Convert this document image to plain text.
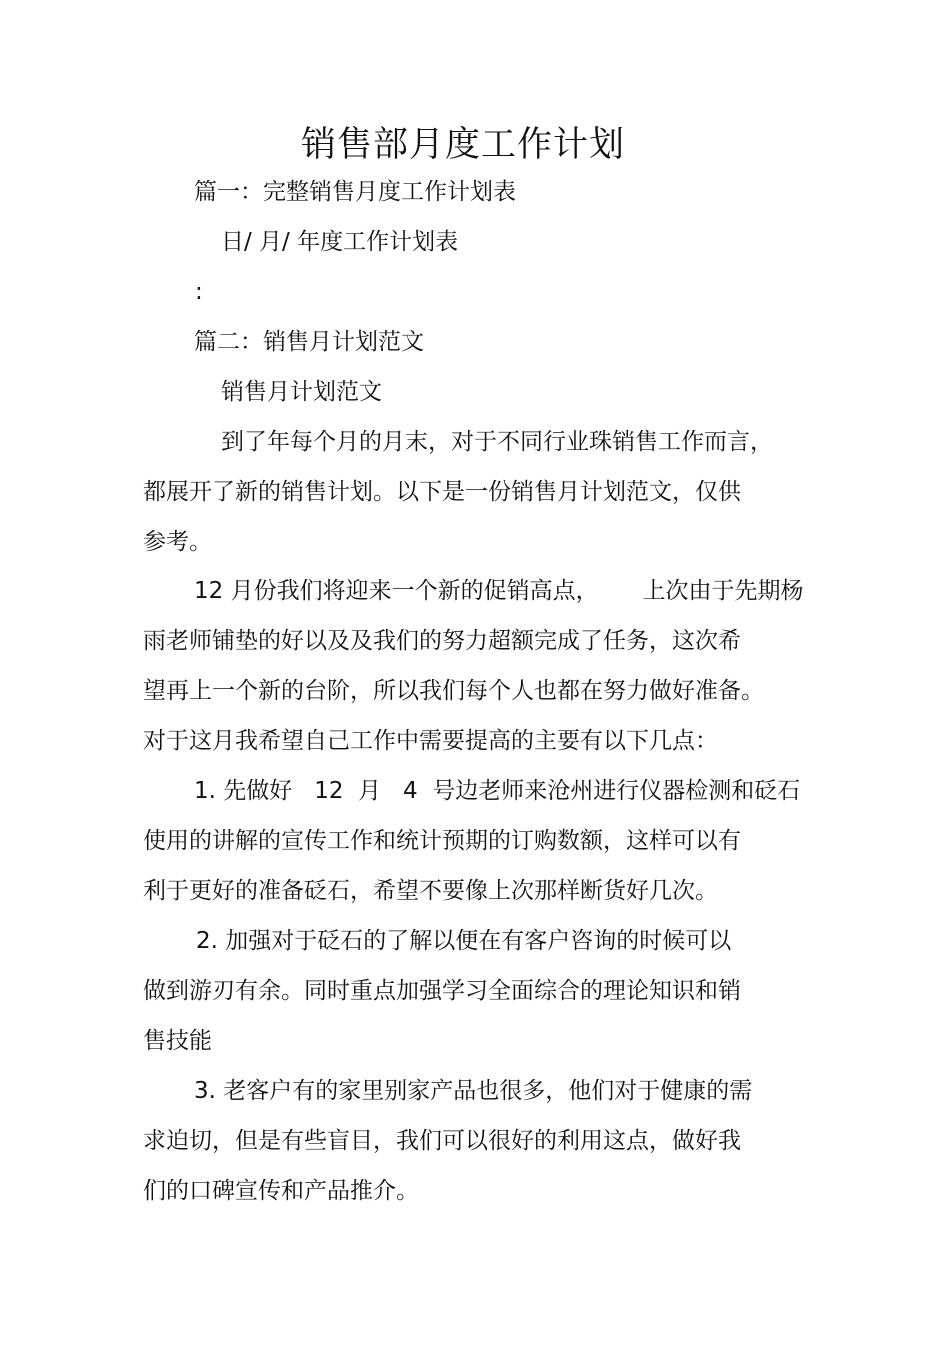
销售部月度工作计划
篇一：完整销售月度工作计划表
日/ 月/ 年度工作计划表
:
篇二：销售月计划范文
销售月计划范文
到了年每个月的月末，对于不同行业珠销售工作而言，
都展开了新的销售计划。以下是一份销售月计划范文，仅供
参考。
12 月份我们将迎来一个新的促销高点，      上次由于先期杨
雨老师铺垫的好以及及我们的努力超额完成了任务，这次希
望再上一个新的台阶，所以我们每个人也都在努力做好准备。
对于这月我希望自己工作中需要提高的主要有以下几点：
1. 先做好   12  月   4  号边老师来沧州进行仪器检测和砭石
使用的讲解的宣传工作和统计预期的订购数额，这样可以有
利于更好的准备砭石，希望不要像上次那样断货好几次。
2. 加强对于砭石的了解以便在有客户咨询的时候可以
做到游刃有余。同时重点加强学习全面综合的理论知识和销
售技能
3. 老客户有的家里别家产品也很多，他们对于健康的需
求迫切，但是有些盲目，我们可以很好的利用这点，做好我
们的口碑宣传和产品推介。
